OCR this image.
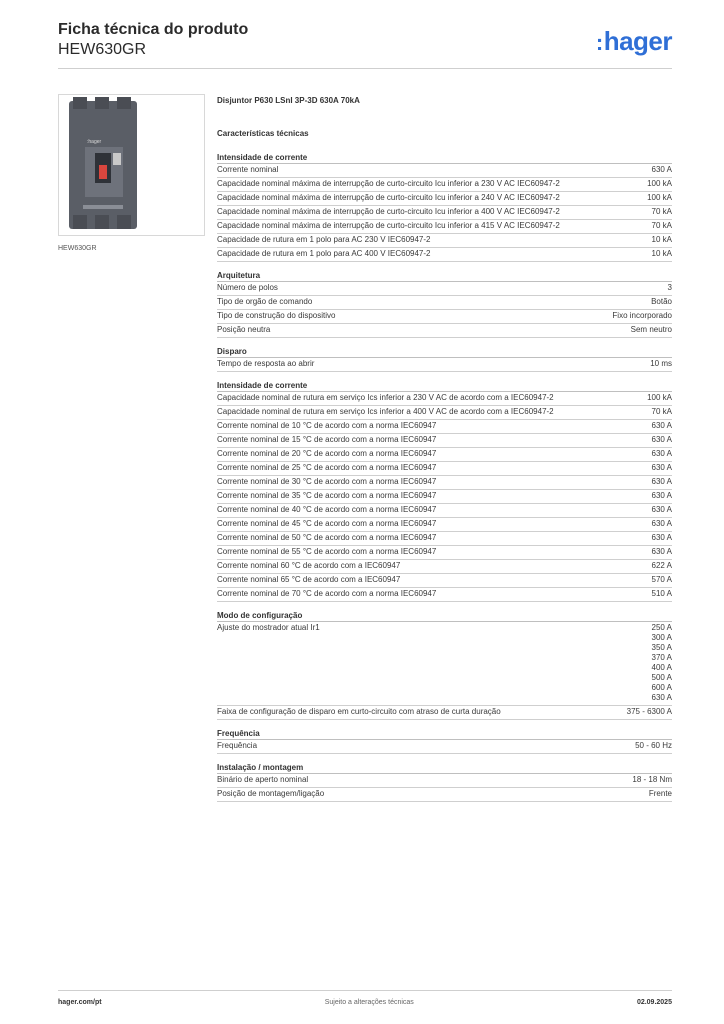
Ficha técnica do produto
HEW630GR	:hager
:hager
HEW630GR
Disjuntor P630 LSnI 3P-3D 630A 70kA
Características técnicas
Intensidade de corrente
Corrente nominal	630 A
Capacidade nominal máxima de interrupção de curto-circuito Icu inferior a 230 V AC IEC60947-2	100 kA
Capacidade nominal máxima de interrupção de curto-circuito Icu inferior a 240 V AC IEC60947-2	100 kA
Capacidade nominal máxima de interrupção de curto-circuito Icu inferior a 400 V AC IEC60947-2	70 kA
Capacidade nominal máxima de interrupção de curto-circuito Icu inferior a 415 V AC IEC60947-2	70 kA
Capacidade de rutura em 1 polo para AC 230 V IEC60947-2	10 kA
Capacidade de rutura em 1 polo para AC 400 V IEC60947-2	10 kA
Arquitetura
Número de polos	3
Tipo de orgão de comando	Botão
Tipo de construção do dispositivo	Fixo incorporado
Posição neutra	Sem neutro
Disparo
Tempo de resposta ao abrir	10 ms
Intensidade de corrente
Capacidade nominal de rutura em serviço Ics inferior a 230 V AC de acordo com a IEC60947-2	100 kA
Capacidade nominal de rutura em serviço Ics inferior a 400 V AC de acordo com a IEC60947-2	70 kA
Corrente nominal de 10 °C de acordo com a norma IEC60947	630 A
Corrente nominal de 15 °C de acordo com a norma IEC60947	630 A
Corrente nominal de 20 °C de acordo com a norma IEC60947	630 A
Corrente nominal de 25 °C de acordo com a norma IEC60947	630 A
Corrente nominal de 30 °C de acordo com a norma IEC60947	630 A
Corrente nominal de 35 °C de acordo com a norma IEC60947	630 A
Corrente nominal de 40 °C de acordo com a norma IEC60947	630 A
Corrente nominal de 45 °C de acordo com a norma IEC60947	630 A
Corrente nominal de 50 °C de acordo com a norma IEC60947	630 A
Corrente nominal de 55 °C de acordo com a norma IEC60947	630 A
Corrente nominal 60 °C de acordo com a IEC60947	622 A
Corrente nominal 65 °C de acordo com a IEC60947	570 A
Corrente nominal de 70 °C de acordo com a norma IEC60947	510 A
Modo de configuração
Ajuste do mostrador atual Ir1	250 A
300 A
350 A
370 A
400 A
500 A
600 A
630 A
Faixa de configuração de disparo em curto-circuito com atraso de curta duração	375 - 6300 A
Frequência
Frequência	50 - 60 Hz
Instalação / montagem
Binário de aperto nominal	18 - 18 Nm
Posição de montagem/ligação	Frente
hager.com/pt	Sujeito a alterações técnicas	02.09.2025
